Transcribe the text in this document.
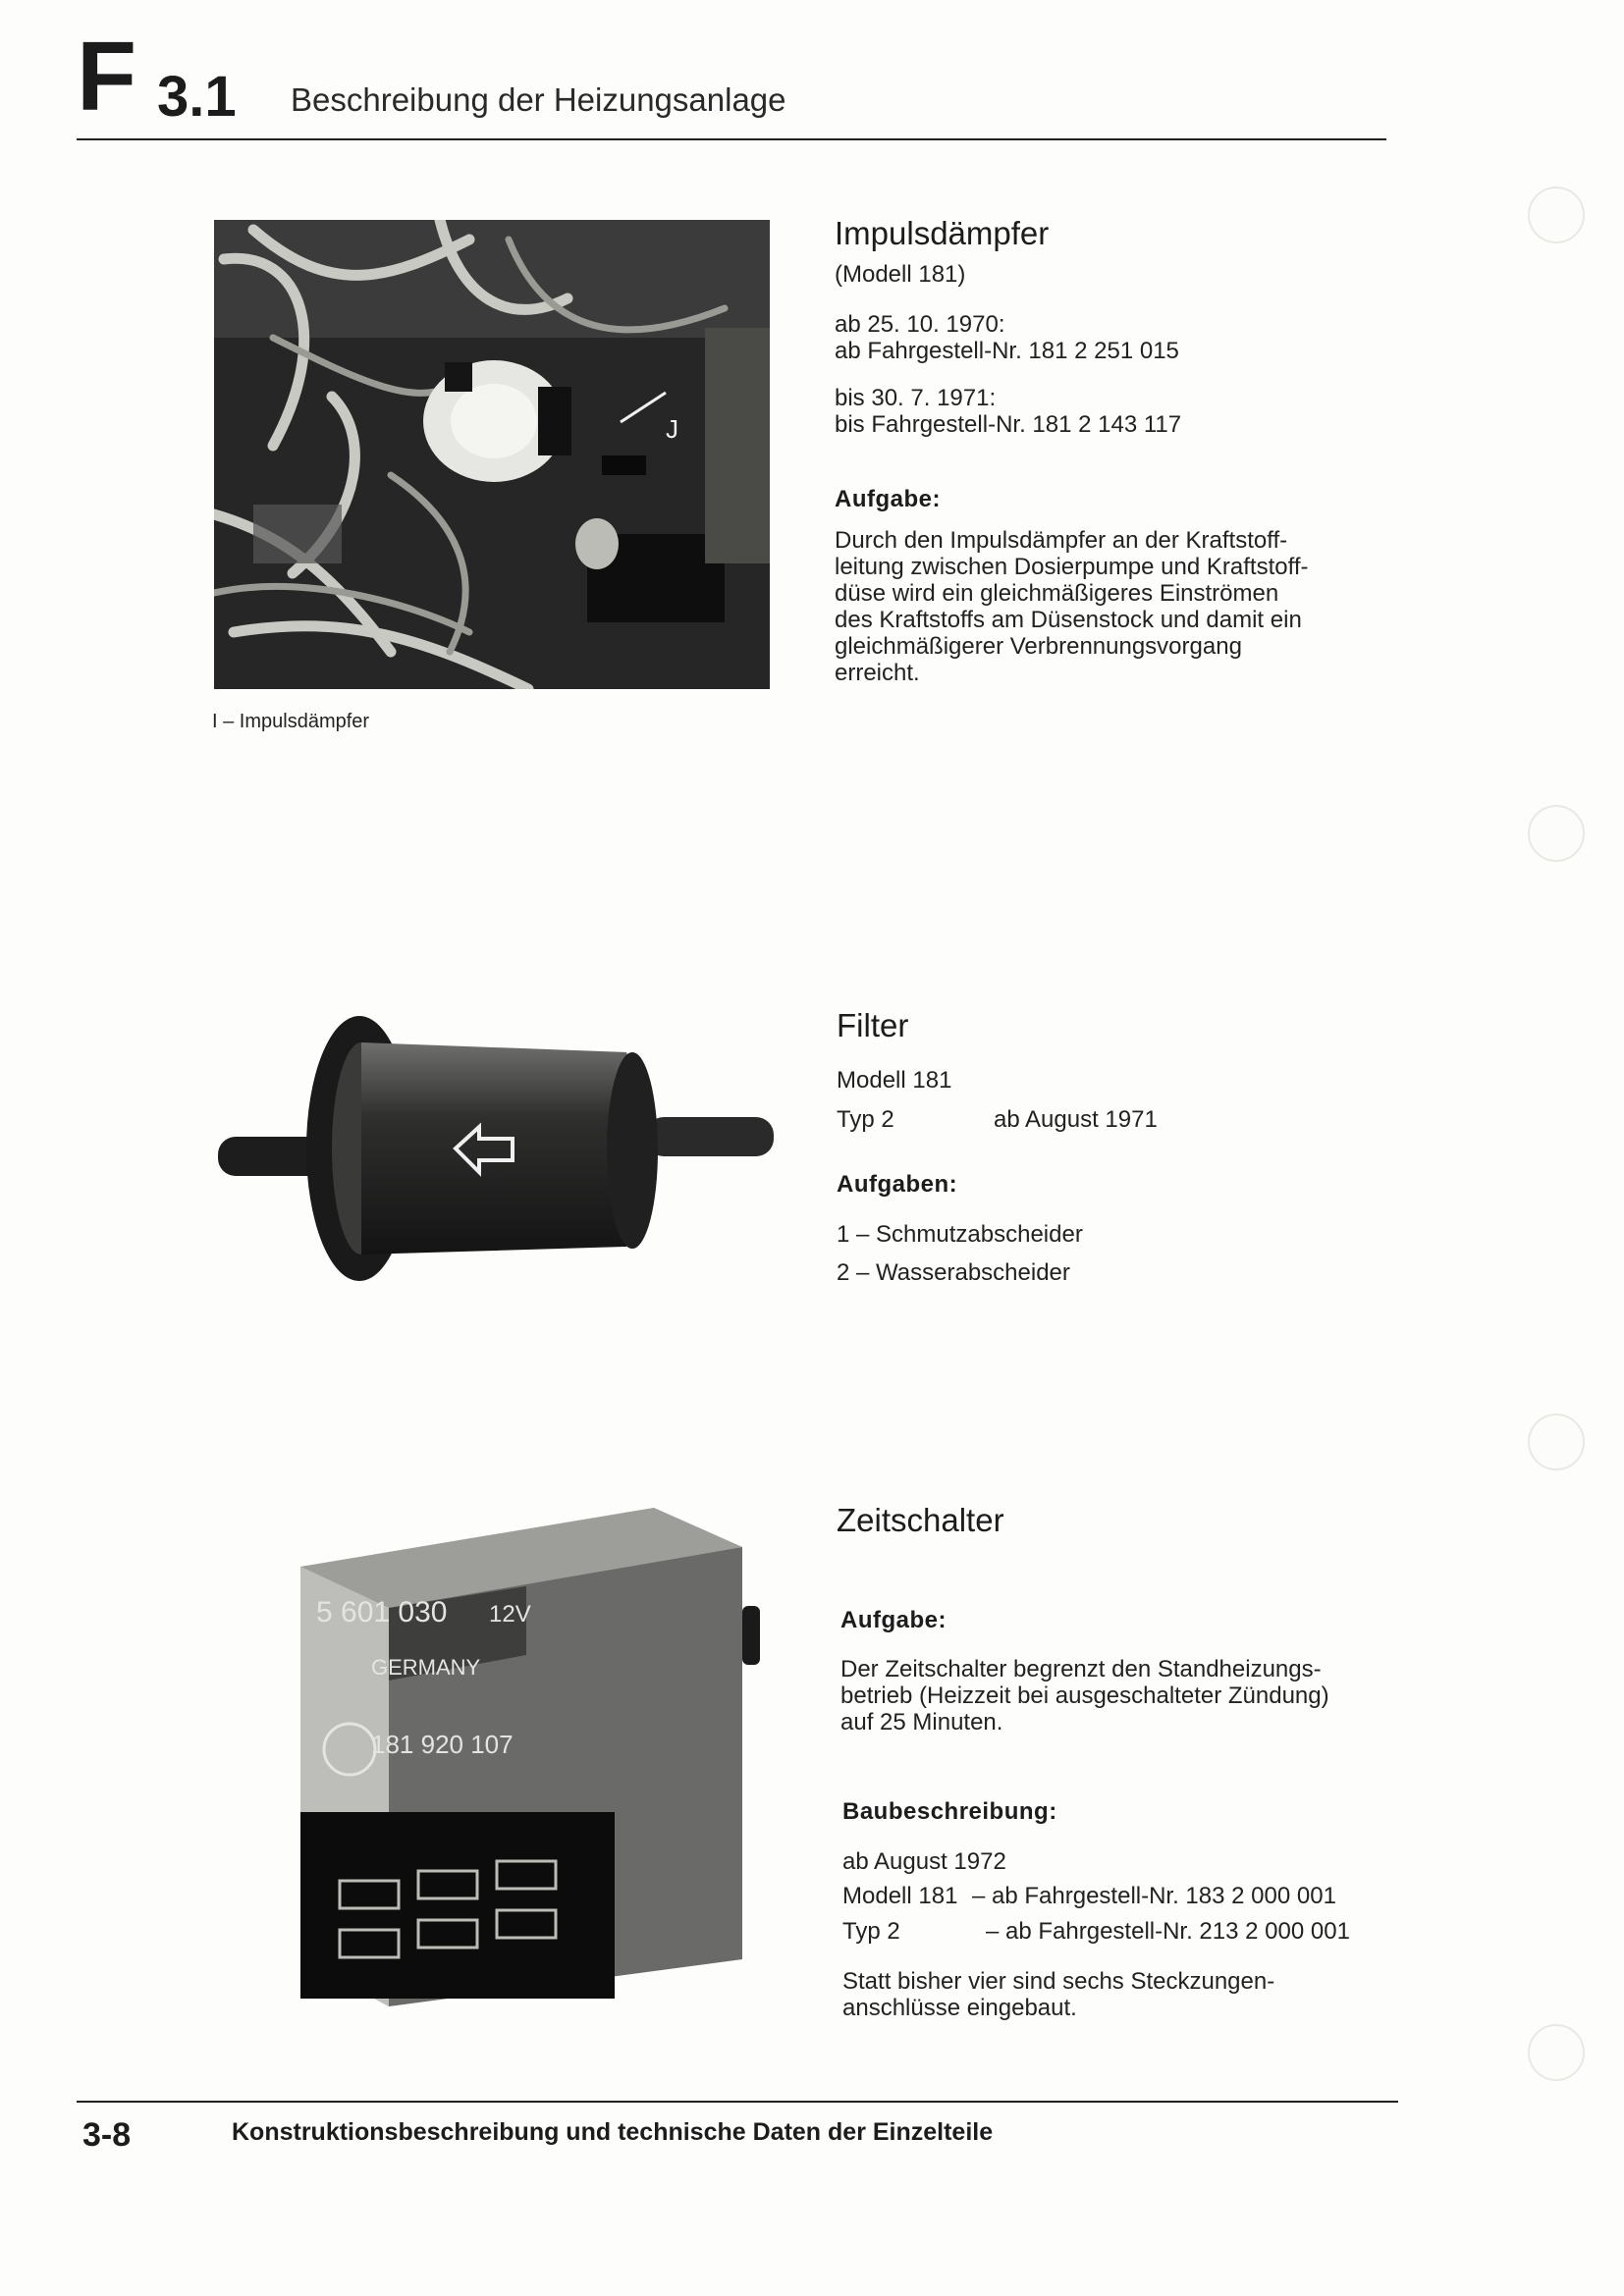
F 3.1 Beschreibung der Heizungsanlage
J
I – Impulsdämpfer
Impulsdämpfer
(Modell 181)
ab 25. 10. 1970:
ab Fahrgestell-Nr. 181 2 251 015
bis 30. 7. 1971:
bis Fahrgestell-Nr. 181 2 143 117
Aufgabe:
Durch den Impulsdämpfer an der Kraftstoff-
leitung zwischen Dosierpumpe und Kraftstoff-
düse wird ein gleichmäßigeres Einströmen
des Kraftstoffs am Düsenstock und damit ein
gleichmäßigerer Verbrennungsvorgang
erreicht.
Filter
Modell 181
Typ 2	ab August 1971
Aufgaben:
1 – Schmutzabscheider
2 – Wasserabscheider
5 601 030 12V
GERMANY
181 920 107
Zeitschalter
Aufgabe:
Der Zeitschalter begrenzt den Standheizungs-
betrieb (Heizzeit bei ausgeschalteter Zündung)
auf 25 Minuten.
Baubeschreibung:
ab August 1972
Modell 181 – ab Fahrgestell-Nr. 183 2 000 001
Typ 2	– ab Fahrgestell-Nr. 213 2 000 001
Statt bisher vier sind sechs Steckzungen-
anschlüsse eingebaut.
3-8	Konstruktionsbeschreibung und technische Daten der Einzelteile
